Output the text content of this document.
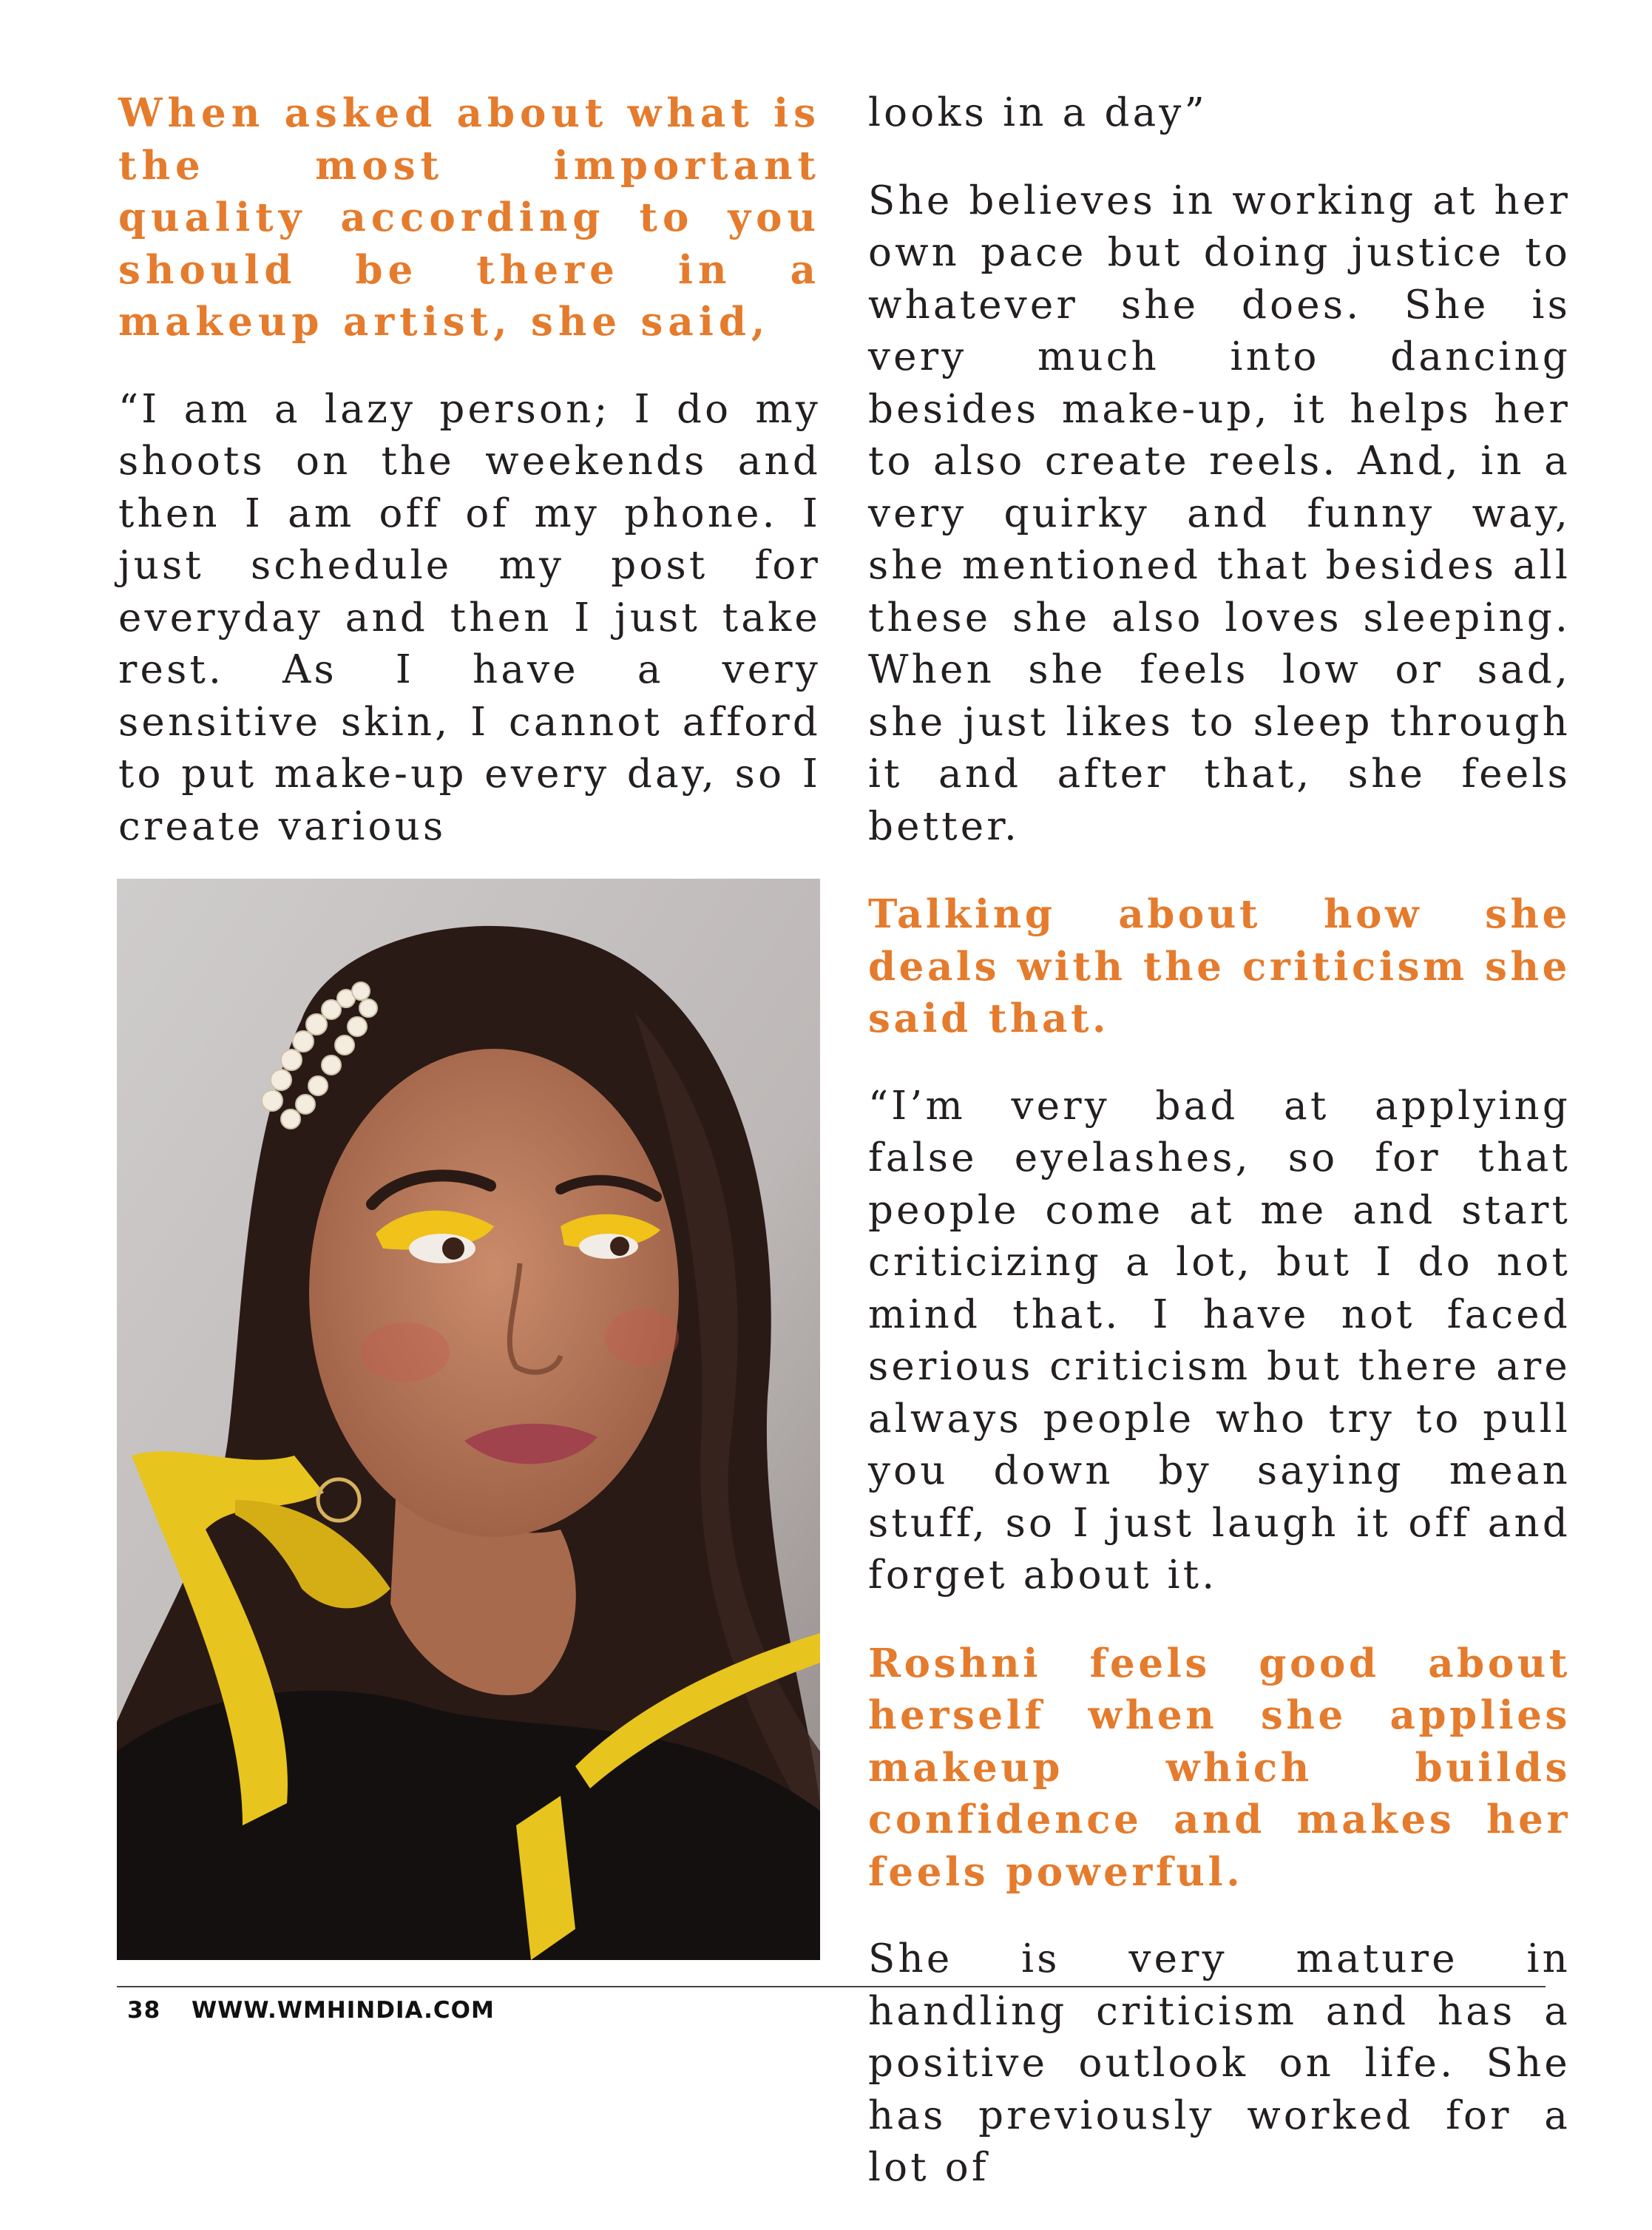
When asked about what is the most important quality according to you should be there in a makeup artist, she said,

“I am a lazy person; I do my shoots on the weekends and then I am off of my phone. I just schedule my post for everyday and then I just take rest. As I have a very sensitive skin, I cannot afford to put make-up every day, so I create various

looks in a day”

She believes in working at her own pace but doing justice to whatever she does. She is very much into dancing besides make-up, it helps her to also create reels. And, in a very quirky and funny way, she mentioned that besides all these she also loves sleeping. When she feels low or sad, she just likes to sleep through it and after that, she feels better.

Talking about how she deals with the criticism she said that.

“I’m very bad at applying false eyelashes, so for that people come at me and start criticizing a lot, but I do not mind that. I have not faced serious criticism but there are always people who try to pull you down by saying mean stuff, so I just laugh it off and forget about it.

Roshni feels good about herself when she applies makeup which builds confidence and makes her feels powerful.

She is very mature in handling criticism and has a positive outlook on life. She has previously worked for a lot of

38 WWW.WMHINDIA.COM
